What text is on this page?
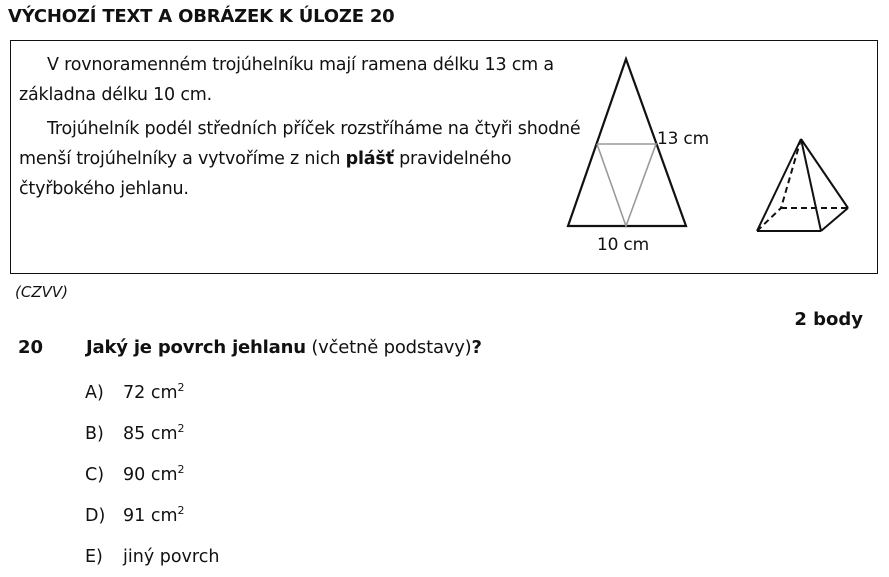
VÝCHOZÍ TEXT A OBRÁZEK K ÚLOZE 20
V rovnoramenném trojúhelníku mají ramena délku 13 cm a základna délku 10 cm.
Trojúhelník podél středních příček rozstříháme na čtyři shodné menší trojúhelníky a vytvoříme z nich plášť pravidelného čtyřbokého jehlanu.
13 cm
10 cm
(CZVV)
2 body
20 Jaký je povrch jehlanu (včetně podstavy)?
A)	72 $cm^2$
B)	85 $cm^2$
C)	90 $cm^2$
D)	91 $cm^2$
E)	jiný povrch
